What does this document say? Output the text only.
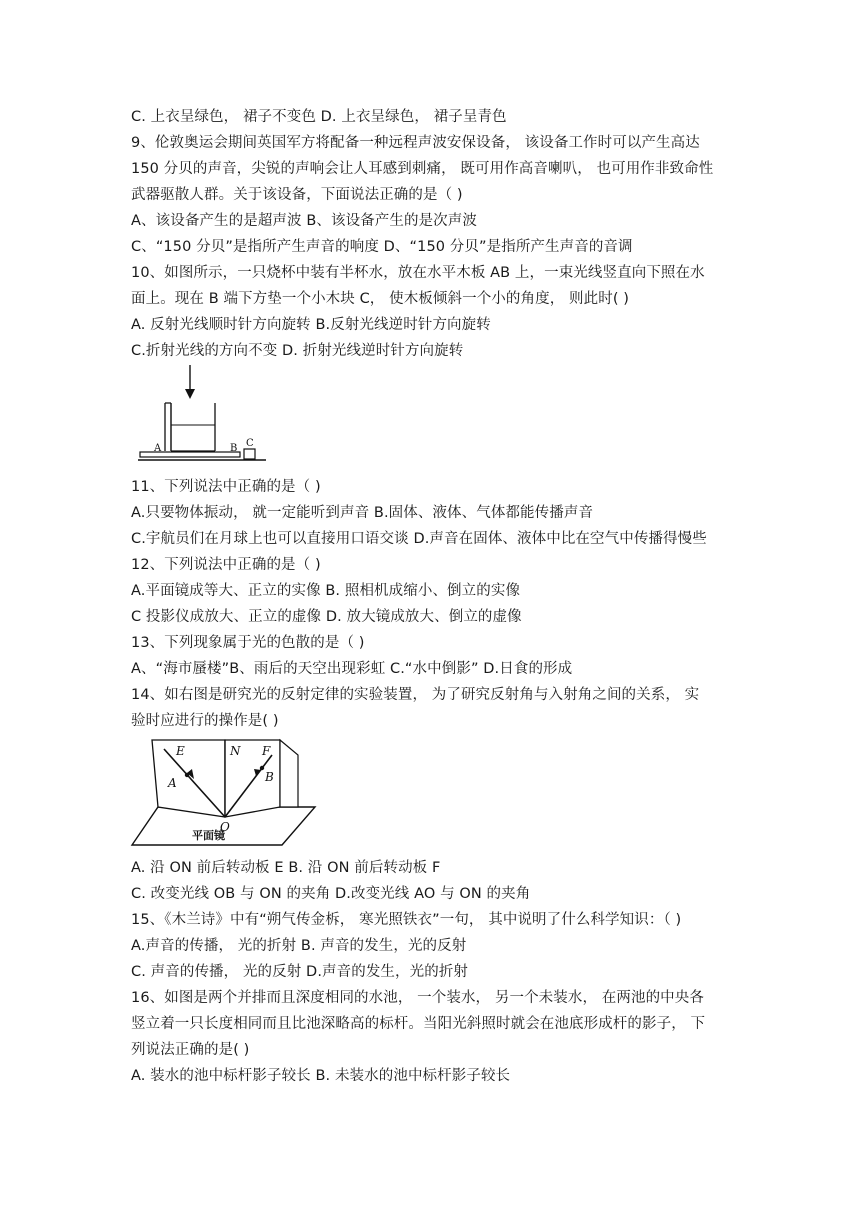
C. 上衣呈绿色， 裙子不变色 D. 上衣呈绿色， 裙子呈青色
9、伦敦奥运会期间英国军方将配备一种远程声波安保设备， 该设备工作时可以产生高达
150 分贝的声音，尖锐的声响会让人耳感到刺痛， 既可用作高音喇叭， 也可用作非致命性
武器驱散人群。关于该设备，下面说法正确的是（ )
A、该设备产生的是超声波 B、该设备产生的是次声波
C、“150 分贝”是指所产生声音的响度 D、“150 分贝”是指所产生声音的音调
10、如图所示，一只烧杯中装有半杯水，放在水平木板 AB 上，一束光线竖直向下照在水
面上。现在 B 端下方垫一个小木块 C， 使木板倾斜一个小的角度， 则此时( )
A. 反射光线顺时针方向旋转 B.反射光线逆时针方向旋转
C.折射光线的方向不变 D. 折射光线逆时针方向旋转
A	B C
11、下列说法中正确的是（ )
A.只要物体振动， 就一定能听到声音 B.固体、液体、气体都能传播声音
C.宇航员们在月球上也可以直接用口语交谈 D.声音在固体、液体中比在空气中传播得慢些
12、下列说法中正确的是（ )
A.平面镜成等大、正立的实像 B. 照相机成缩小、倒立的实像
C 投影仪成放大、正立的虚像 D. 放大镜成放大、倒立的虚像
13、下列现象属于光的色散的是（ )
A、“海市蜃楼”B、雨后的天空出现彩虹 C.“水中倒影” D.日食的形成
14、如右图是研究光的反射定律的实验装置， 为了研究反射角与入射角之间的关系， 实
验时应进行的操作是( )
E	N F
A	B
O
平面镜
A. 沿 ON 前后转动板 E B. 沿 ON 前后转动板 F
C. 改变光线 OB 与 ON 的夹角 D.改变光线 AO 与 ON 的夹角
15、《木兰诗》中有“朔气传金柝， 寒光照铁衣”一句， 其中说明了什么科学知识：（ )
A.声音的传播， 光的折射 B. 声音的发生，光的反射
C. 声音的传播， 光的反射 D.声音的发生，光的折射
16、如图是两个并排而且深度相同的水池， 一个装水， 另一个未装水， 在两池的中央各
竖立着一只长度相同而且比池深略高的标杆。当阳光斜照时就会在池底形成杆的影子， 下
列说法正确的是( )
A. 装水的池中标杆影子较长 B. 未装水的池中标杆影子较长
